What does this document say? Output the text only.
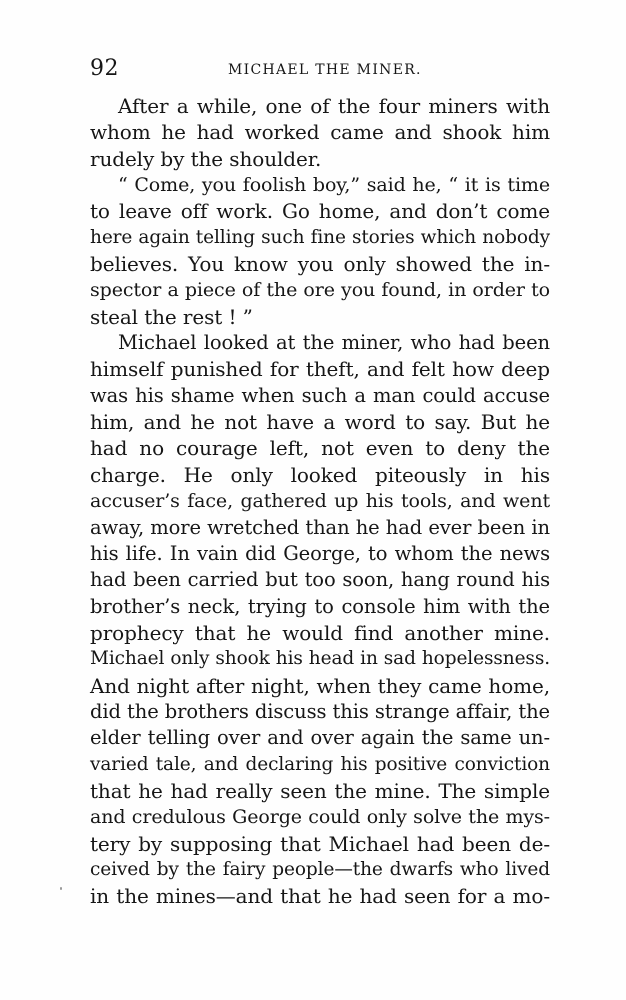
92	MICHAEL THE MINER.
After a while, one of the four miners with
whom he had worked came and shook him
rudely by the shoulder.
“ Come, you foolish boy,” said he, “ it is time
to leave off work. Go home, and don’t come
here again telling such fine stories which nobody
believes. You know you only showed the in-
spector a piece of the ore you found, in order to
steal the rest ! ”
Michael looked at the miner, who had been
himself punished for theft, and felt how deep
was his shame when such a man could accuse
him, and he not have a word to say. But he
had no courage left, not even to deny the
charge. He only looked piteously in his
accuser’s face, gathered up his tools, and went
away, more wretched than he had ever been in
his life. In vain did George, to whom the news
had been carried but too soon, hang round his
brother’s neck, trying to console him with the
prophecy that he would find another mine.
Michael only shook his head in sad hopelessness.
And night after night, when they came home,
did the brothers discuss this strange affair, the
elder telling over and over again the same un-
varied tale, and declaring his positive conviction
that he had really seen the mine. The simple
and credulous George could only solve the mys-
tery by supposing that Michael had been de-
ceived by the fairy people—the dwarfs who lived
in the mines—and that he had seen for a mo-
